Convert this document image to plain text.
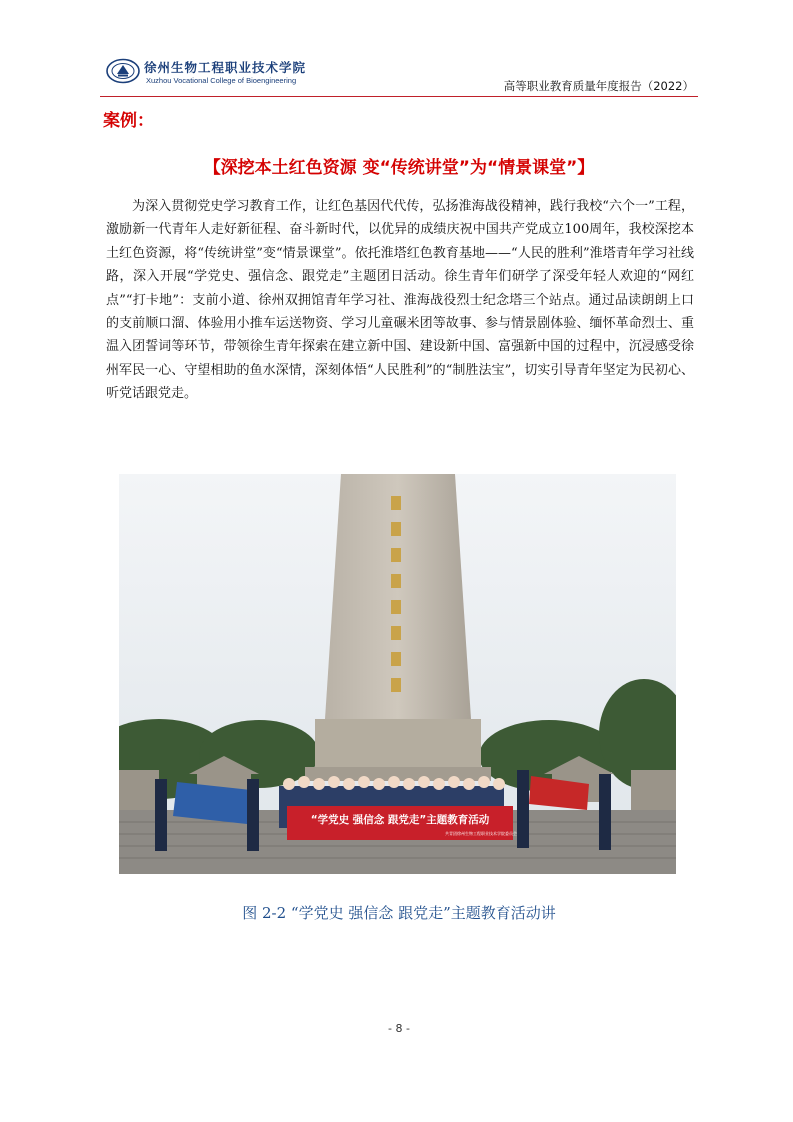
徐州生物工程职业技术学院
Xuzhou Vocational College of Bioengineering	高等职业教育质量年度报告（2022）
案例：
【深挖本土红色资源 变“传统讲堂”为“情景课堂”】
为深入贯彻党史学习教育工作，让红色基因代代传，弘扬淮海战役精神，践行我校“六个一”工程，激励新一代青年人走好新征程、奋斗新时代，以优异的成绩庆祝中国共产党成立100周年，我校深挖本土红色资源，将“传统讲堂”变“情景课堂”。依托淮塔红色教育基地——“人民的胜利”淮塔青年学习社线路，深入开展“学党史、强信念、跟党走”主题团日活动。徐生青年们研学了深受年轻人欢迎的“网红点”“打卡地”：支前小道、徐州双拥馆青年学习社、淮海战役烈士纪念塔三个站点。通过品读朗朗上口的支前顺口溜、体验用小推车运送物资、学习儿童碾米团等故事、参与情景剧体验、缅怀革命烈士、重温入团誓词等环节，带领徐生青年探索在建立新中国、建设新中国、富强新中国的过程中，沉浸感受徐州军民一心、守望相助的鱼水深情，深刻体悟“人民胜利”的“制胜法宝”，切实引导青年坚定为民初心、听党话跟党走。
“学党史 强信念 跟党走”主题教育活动
共青团徐州生物工程职业技术学院委员会
图 2-2 “学党史 强信念 跟党走”主题教育活动讲
- 8 -
